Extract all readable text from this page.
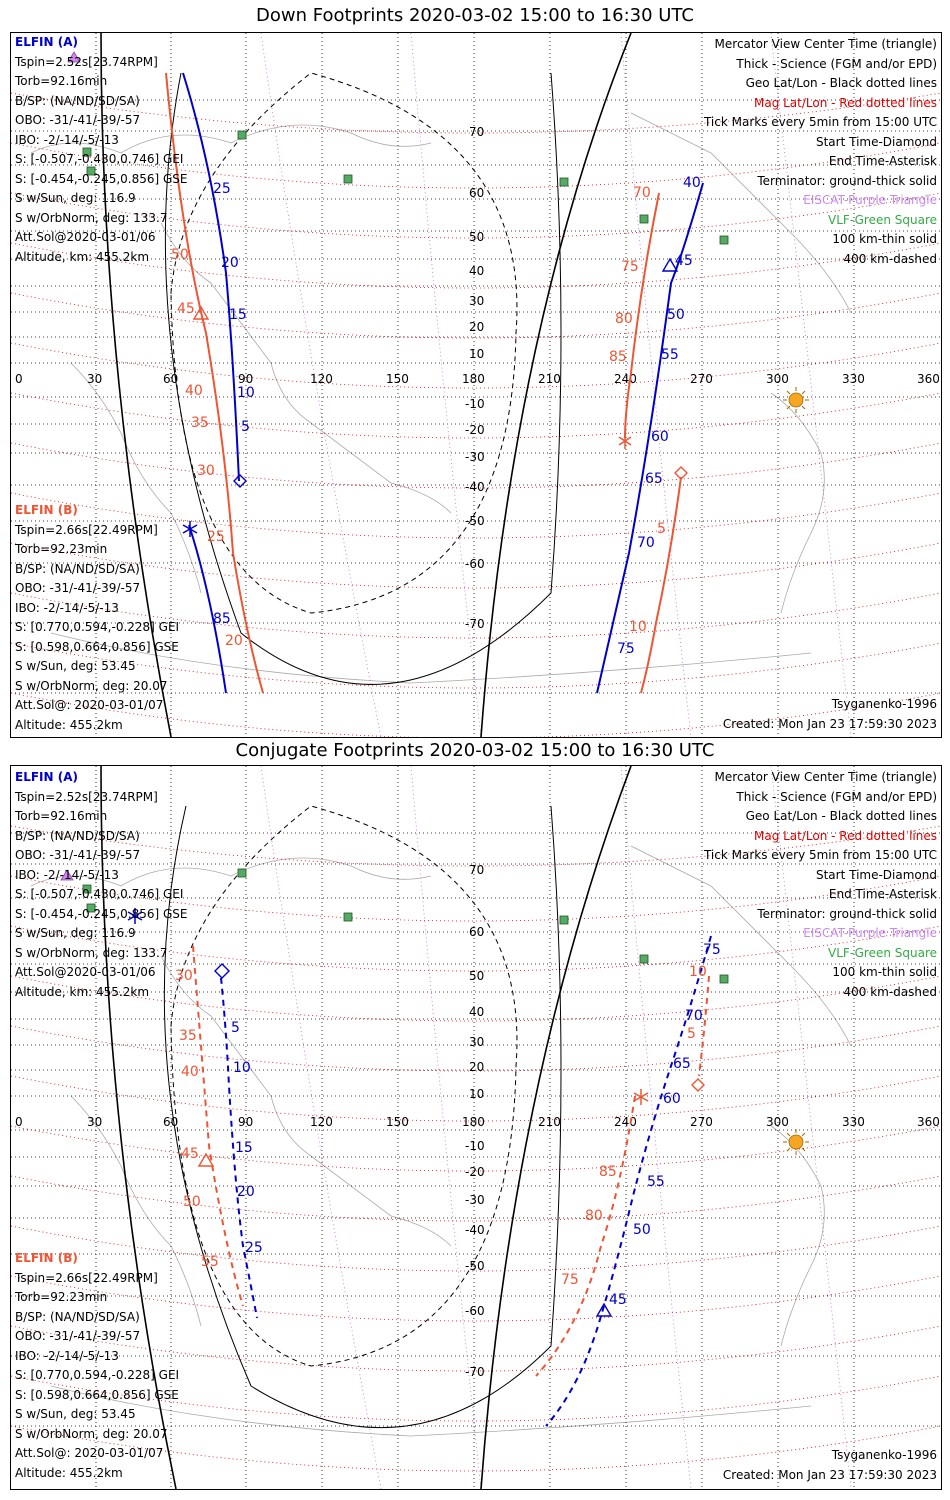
Down Footprints 2020-03-02 15:00 to 16:30 UTC
0	30	60	90	120	150	180	210	240	270	300	330	360
70
60
50
40
30
20
10
-10
-20
-30
-40
-50
-60
-70
25
20
15
10
5
85
50
45
40
35
30
25
20
40
45
50
55
60
65
70
75
70
75
80
85
5
10
ELFIN (A)
Tspin=2.52s[23.74RPM]
Torb=92.16min
B/SP: (NA/ND/SD/SA)
OBO: -31/-41/-39/-57
IBO: -2/-14/-5/-13
S: [-0.507,-0.430,0.746] GEI
S: [-0.454,-0.245,0.856] GSE
S w/Sun, deg: 116.9
S w/OrbNorm, deg: 133.7
Att.Sol@2020-03-01/06
Altitude, km: 455.2km
ELFIN (B)
Tspin=2.66s[22.49RPM]
Torb=92.23min
B/SP: (NA/ND/SD/SA)
OBO: -31/-41/-39/-57
IBO: -2/-14/-5/-13
S: [0.770,0.594,-0.228] GEI
S: [0.598,0.664,0.856] GSE
S w/Sun, deg: 53.45
S w/OrbNorm, deg: 20.07
Att.Sol@: 2020-03-01/07
Altitude: 455.2km
Mercator View Center Time (triangle)
Thick - Science (FGM and/or EPD)
Geo Lat/Lon - Black dotted lines
Mag Lat/Lon - Red dotted lines
Tick Marks every 5min from 15:00 UTC
Start Time-Diamond
End Time-Asterisk
Terminator: ground-thick solid
EISCAT-Purple Triangle
VLF-Green Square
100 km-thin solid
400 km-dashed
Tsyganenko-1996
Created: Mon Jan 23 17:59:30 2023
Conjugate Footprints 2020-03-02 15:00 to 16:30 UTC
0	30	60	90	120	150	180	210	240	270	300	330	360
70
60
50
40
30
20
10
-10
-20
-30
-40
-50
-60
-70
5
10
15
20
25
30
35
40
45
50
55
75
70
65
60
55
50
45
10
5
85
80
75
ELFIN (A)
Tspin=2.52s[23.74RPM]
Torb=92.16min
B/SP: (NA/ND/SD/SA)
OBO: -31/-41/-39/-57
IBO: -2/-14/-5/-13
S: [-0.507,-0.430,0.746] GEI
S: [-0.454,-0.245,0.856] GSE
S w/Sun, deg: 116.9
S w/OrbNorm, deg: 133.7
Att.Sol@2020-03-01/06
Altitude, km: 455.2km
ELFIN (B)
Tspin=2.66s[22.49RPM]
Torb=92.23min
B/SP: (NA/ND/SD/SA)
OBO: -31/-41/-39/-57
IBO: -2/-14/-5/-13
S: [0.770,0.594,-0.228] GEI
S: [0.598,0.664,0.856] GSE
S w/Sun, deg: 53.45
S w/OrbNorm, deg: 20.07
Att.Sol@: 2020-03-01/07
Altitude: 455.2km
Mercator View Center Time (triangle)
Thick - Science (FGM and/or EPD)
Geo Lat/Lon - Black dotted lines
Mag Lat/Lon - Red dotted lines
Tick Marks every 5min from 15:00 UTC
Start Time-Diamond
End Time-Asterisk
Terminator: ground-thick solid
EISCAT-Purple Triangle
VLF-Green Square
100 km-thin solid
400 km-dashed
Tsyganenko-1996
Created: Mon Jan 23 17:59:30 2023
